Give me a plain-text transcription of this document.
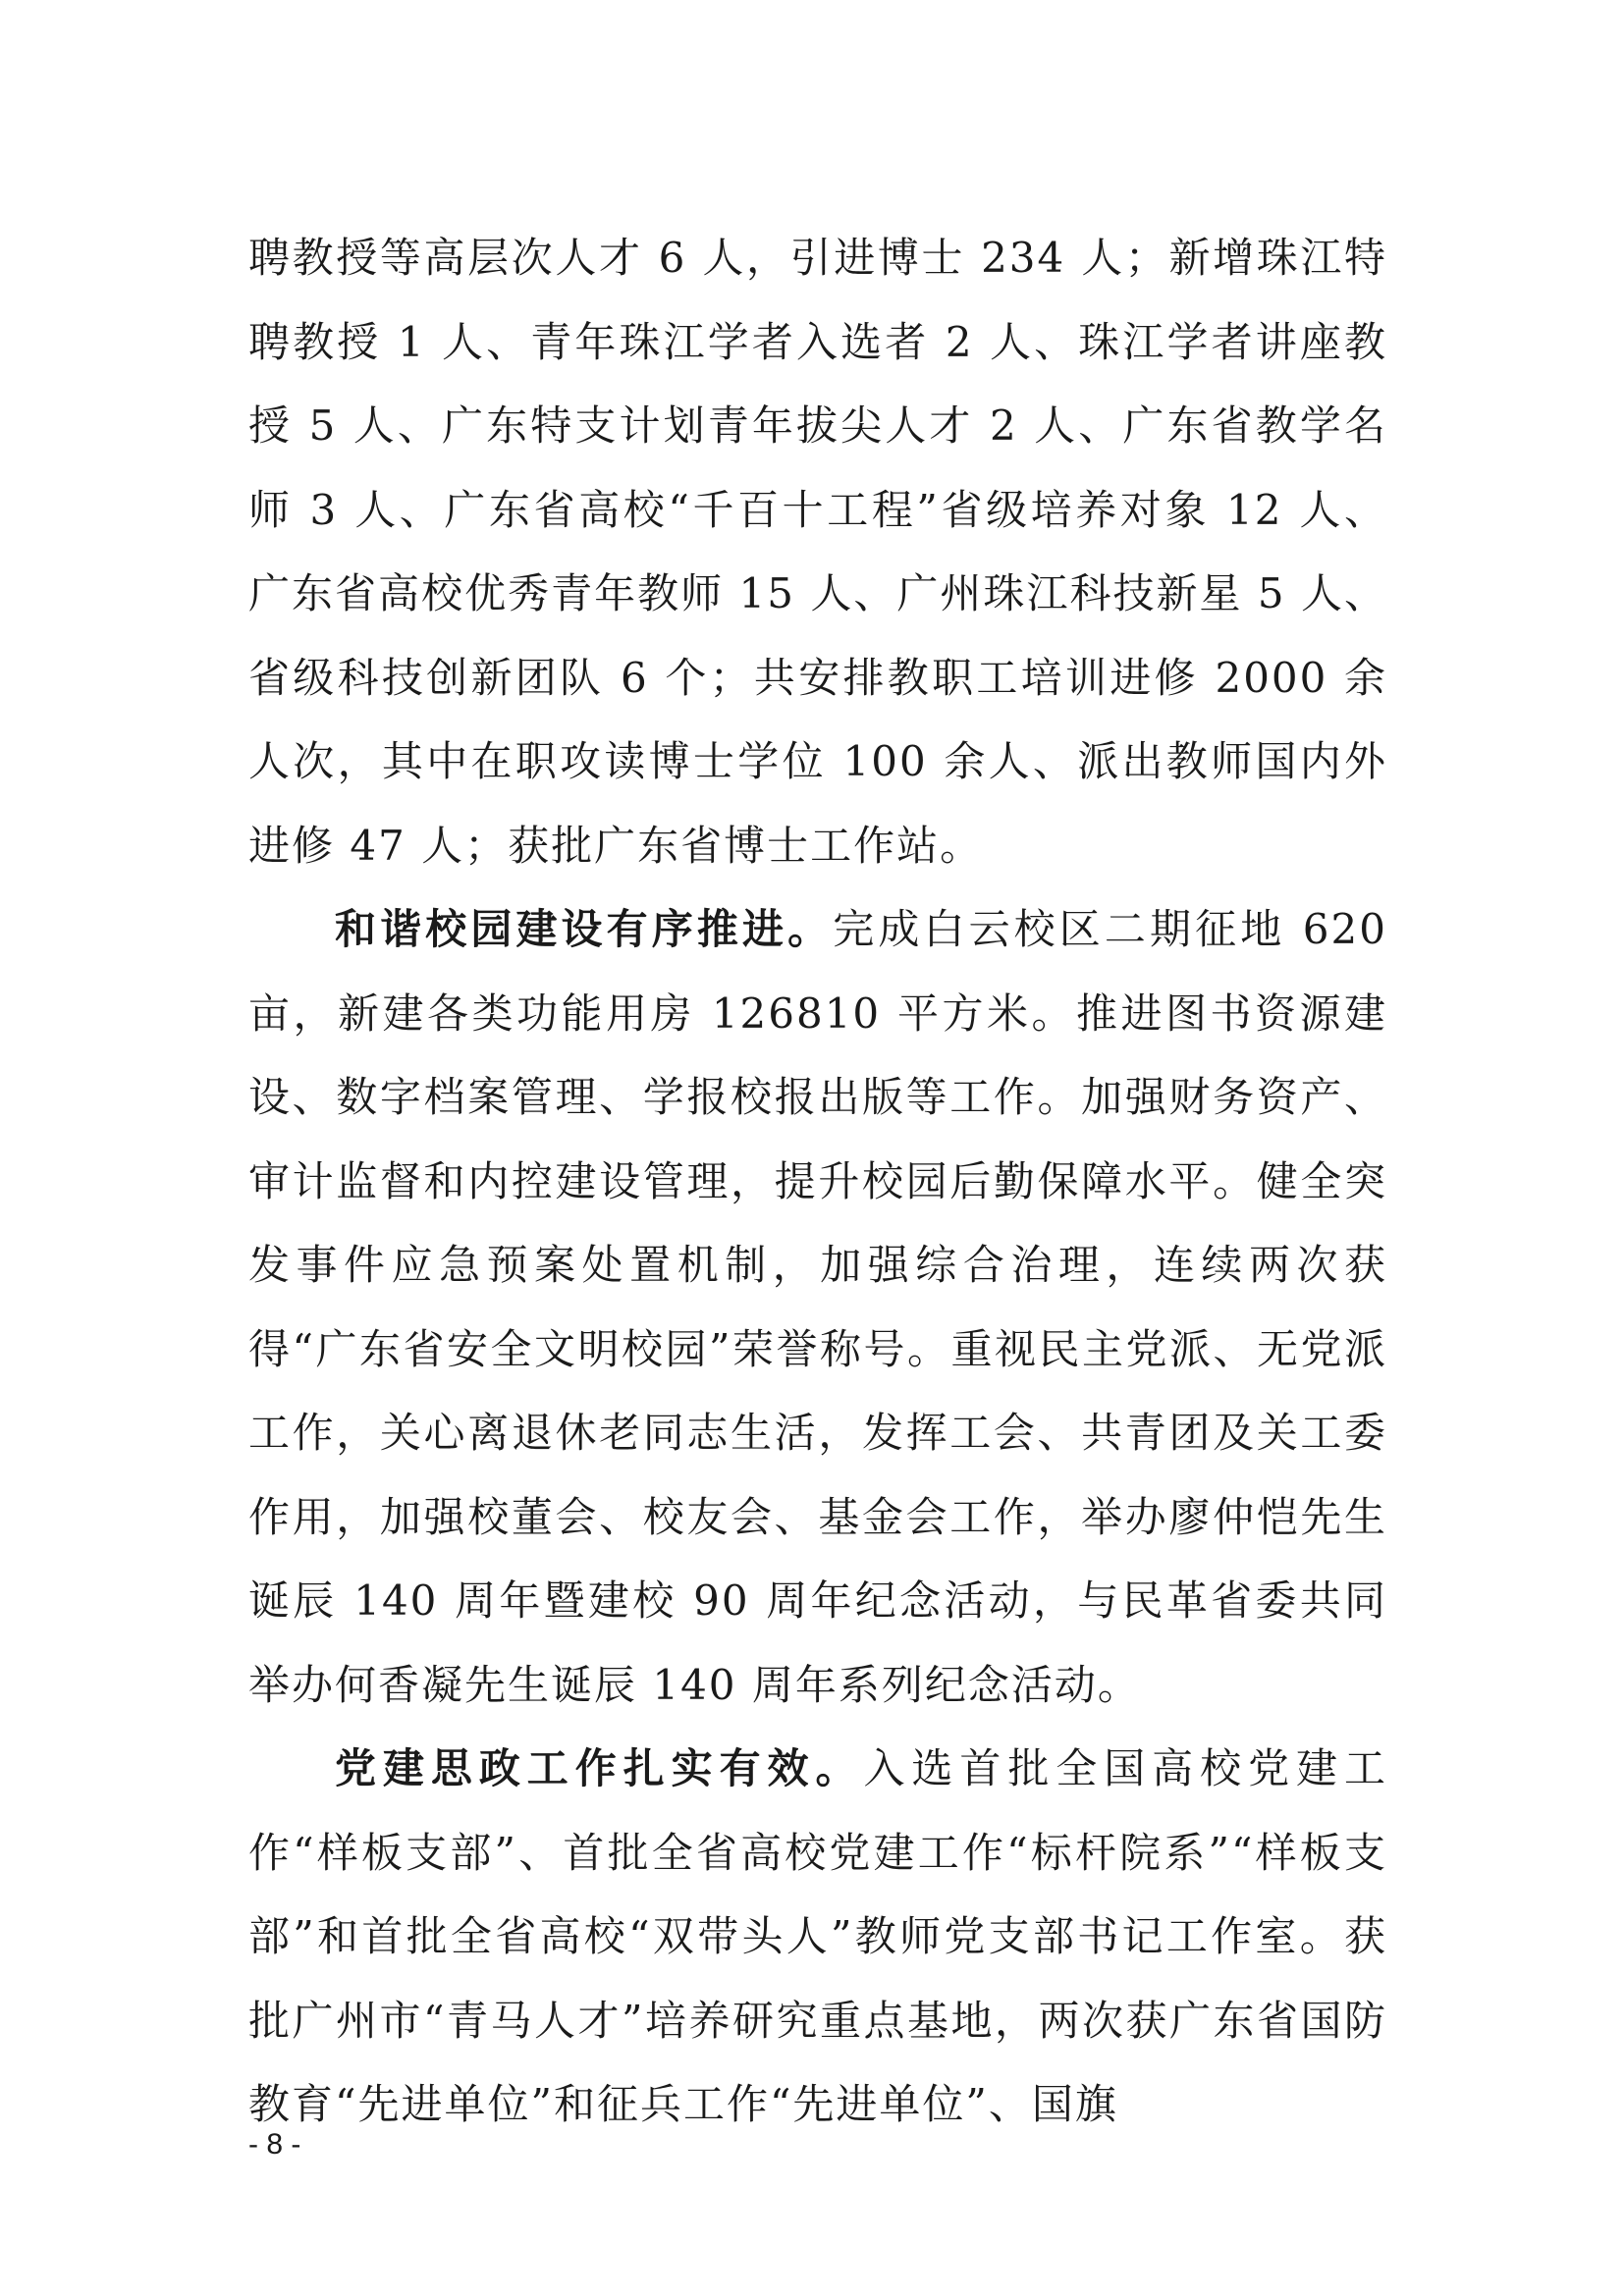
聘教授等高层次人才 6 人，引进博士 234 人；新增珠江特聘教授 1 人、青年珠江学者入选者 2 人、珠江学者讲座教授 5 人、广东特支计划青年拔尖人才 2 人、广东省教学名师 3 人、广东省高校“千百十工程”省级培养对象 12 人、广东省高校优秀青年教师 15 人、广州珠江科技新星 5 人、省级科技创新团队 6 个；共安排教职工培训进修 2000 余人次，其中在职攻读博士学位 100 余人、派出教师国内外进修 47 人；获批广东省博士工作站。

和谐校园建设有序推进。完成白云校区二期征地 620 亩，新建各类功能用房 126810 平方米。推进图书资源建设、数字档案管理、学报校报出版等工作。加强财务资产、审计监督和内控建设管理，提升校园后勤保障水平。健全突发事件应急预案处置机制，加强综合治理，连续两次获得“广东省安全文明校园”荣誉称号。重视民主党派、无党派工作，关心离退休老同志生活，发挥工会、共青团及关工委作用，加强校董会、校友会、基金会工作，举办廖仲恺先生诞辰 140 周年暨建校 90 周年纪念活动，与民革省委共同举办何香凝先生诞辰 140 周年系列纪念活动。

党建思政工作扎实有效。入选首批全国高校党建工作“样板支部”、首批全省高校党建工作“标杆院系”“样板支部”和首批全省高校“双带头人”教师党支部书记工作室。获批广州市“青马人才”培养研究重点基地，两次获广东省国防教育“先进单位”和征兵工作“先进单位”、国旗

- 8 -
